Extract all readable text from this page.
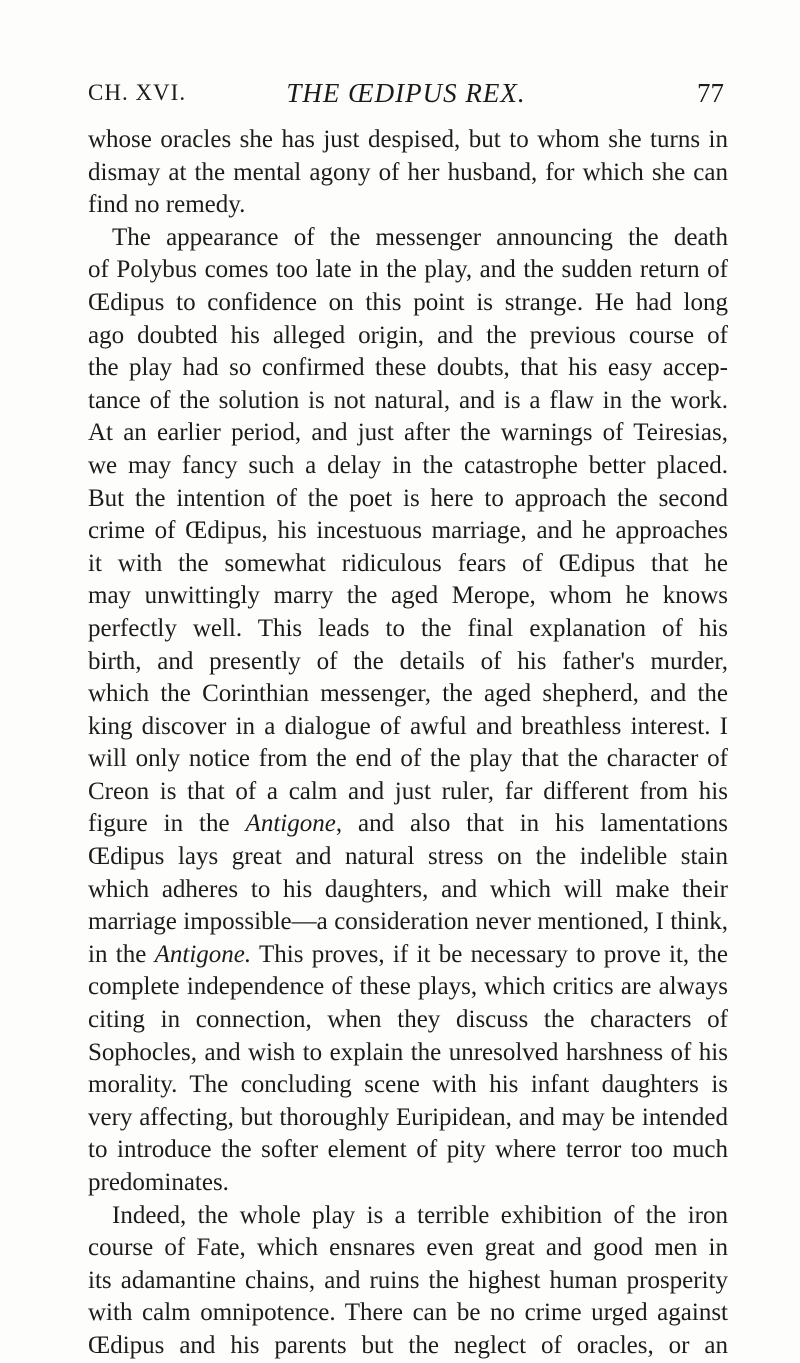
CH. XVI.	THE ŒDIPUS REX.	77
whose oracles she has just despised, but to whom she turns in
dismay at the mental agony of her husband, for which she can
find no remedy.
The appearance of the messenger announcing the death
of Polybus comes too late in the play, and the sudden return of
Œdipus to confidence on this point is strange. He had long
ago doubted his alleged origin, and the previous course of
the play had so confirmed these doubts, that his easy accep-
tance of the solution is not natural, and is a flaw in the work.
At an earlier period, and just after the warnings of Teiresias,
we may fancy such a delay in the catastrophe better placed.
But the intention of the poet is here to approach the second
crime of Œdipus, his incestuous marriage, and he approaches
it with the somewhat ridiculous fears of Œdipus that he
may unwittingly marry the aged Merope, whom he knows
perfectly well. This leads to the final explanation of his
birth, and presently of the details of his father's murder,
which the Corinthian messenger, the aged shepherd, and the
king discover in a dialogue of awful and breathless interest. I
will only notice from the end of the play that the character of
Creon is that of a calm and just ruler, far different from his
figure in the Antigone, and also that in his lamentations
Œdipus lays great and natural stress on the indelible stain
which adheres to his daughters, and which will make their
marriage impossible—a consideration never mentioned, I think,
in the Antigone. This proves, if it be necessary to prove it, the
complete independence of these plays, which critics are always
citing in connection, when they discuss the characters of
Sophocles, and wish to explain the unresolved harshness of his
morality. The concluding scene with his infant daughters is
very affecting, but thoroughly Euripidean, and may be intended
to introduce the softer element of pity where terror too much
predominates.
Indeed, the whole play is a terrible exhibition of the iron
course of Fate, which ensnares even great and good men in
its adamantine chains, and ruins the highest human prosperity
with calm omnipotence. There can be no crime urged against
Œdipus and his parents but the neglect of oracles, or an
